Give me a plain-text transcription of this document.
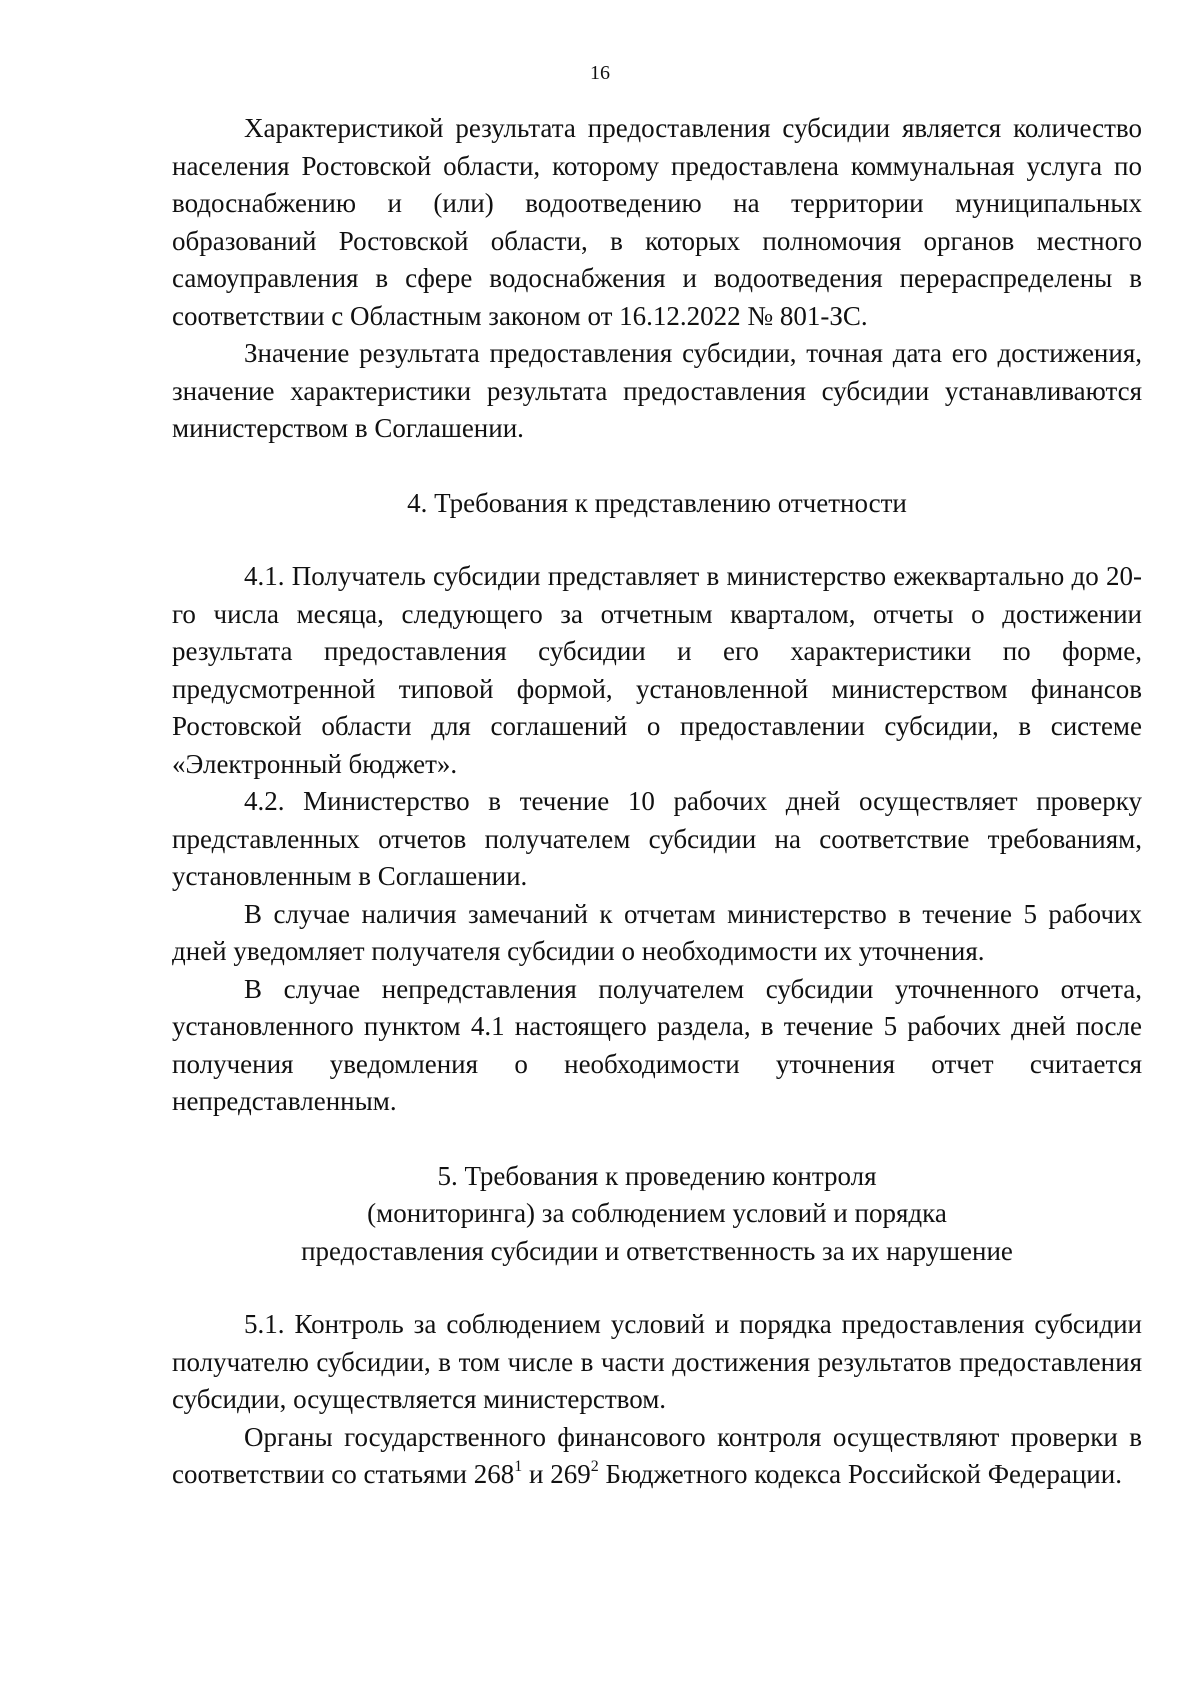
16

Характеристикой результата предоставления субсидии является количество населения Ростовской области, которому предоставлена коммунальная услуга по водоснабжению и (или) водоотведению на территории муниципальных образований Ростовской области, в которых полномочия органов местного самоуправления в сфере водоснабжения и водоотведения перераспределены в соответствии с Областным законом от 16.12.2022 № 801-ЗС.

Значение результата предоставления субсидии, точная дата его достижения, значение характеристики результата предоставления субсидии устанавливаются министерством в Соглашении.

4. Требования к представлению отчетности

4.1. Получатель субсидии представляет в министерство ежеквартально до 20-го числа месяца, следующего за отчетным кварталом, отчеты о достижении результата предоставления субсидии и его характеристики по форме, предусмотренной типовой формой, установленной министерством финансов Ростовской области для соглашений о предоставлении субсидии, в системе «Электронный бюджет».

4.2. Министерство в течение 10 рабочих дней осуществляет проверку представленных отчетов получателем субсидии на соответствие требованиям, установленным в Соглашении.

В случае наличия замечаний к отчетам министерство в течение 5 рабочих дней уведомляет получателя субсидии о необходимости их уточнения.

В случае непредставления получателем субсидии уточненного отчета, установленного пунктом 4.1 настоящего раздела, в течение 5 рабочих дней после получения уведомления о необходимости уточнения отчет считается непредставленным.

5. Требования к проведению контроля
(мониторинга) за соблюдением условий и порядка
предоставления субсидии и ответственность за их нарушение

5.1. Контроль за соблюдением условий и порядка предоставления субсидии получателю субсидии, в том числе в части достижения результатов предоставления субсидии, осуществляется министерством.

Органы государственного финансового контроля осуществляют проверки в соответствии со статьями $268^1$ и $269^2$ Бюджетного кодекса Российской Федерации.
